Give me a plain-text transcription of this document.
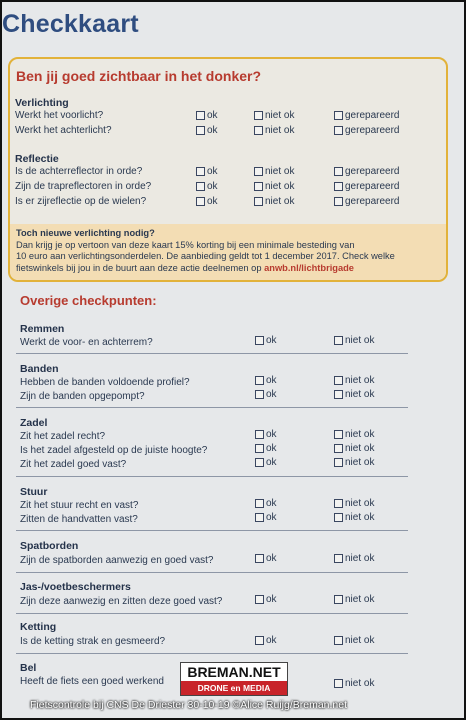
Checkkaart
Ben jij goed zichtbaar in het donker?
Verlichting
Werkt het voorlicht?	ok	niet ok	gerepareerd
Werkt het achterlicht?	ok	niet ok	gerepareerd
Reflectie
Is de achterreflector in orde?	ok	niet ok	gerepareerd
Zijn de trapreflectoren in orde?	ok	niet ok	gerepareerd
Is er zijreflectie op de wielen?	ok	niet ok	gerepareerd
Toch nieuwe verlichting nodig?
Dan krijg je op vertoon van deze kaart 15% korting bij een minimale besteding van
10 euro aan verlichtingsonderdelen. De aanbieding geldt tot 1 december 2017. Check welke
fietswinkels bij jou in de buurt aan deze actie deelnemen op anwb.nl/lichtbrigade
Overige checkpunten:
Remmen
Werkt de voor- en achterrem?	ok	niet ok
Banden
Hebben de banden voldoende profiel?	ok	niet ok
Zijn de banden opgepompt?	ok	niet ok
Zadel
Zit het zadel recht?	ok	niet ok
Is het zadel afgesteld op de juiste hoogte?	ok	niet ok
Zit het zadel goed vast?	ok	niet ok
Stuur
Zit het stuur recht en vast?	ok	niet ok
Zitten de handvatten vast?	ok	niet ok
Spatborden
Zijn de spatborden aanwezig en goed vast?	ok	niet ok
Jas-/voetbeschermers
Zijn deze aanwezig en zitten deze goed vast?	ok	niet ok
Ketting
Is de ketting strak en gesmeerd?	ok	niet ok
Bel
Heeft de fiets een goed werkend	niet ok
BREMAN.NET
DRONE en MEDIA
Fietscontrole bij CNS De Driester 30-10-19 ©Alice Ruijg/Breman.net
